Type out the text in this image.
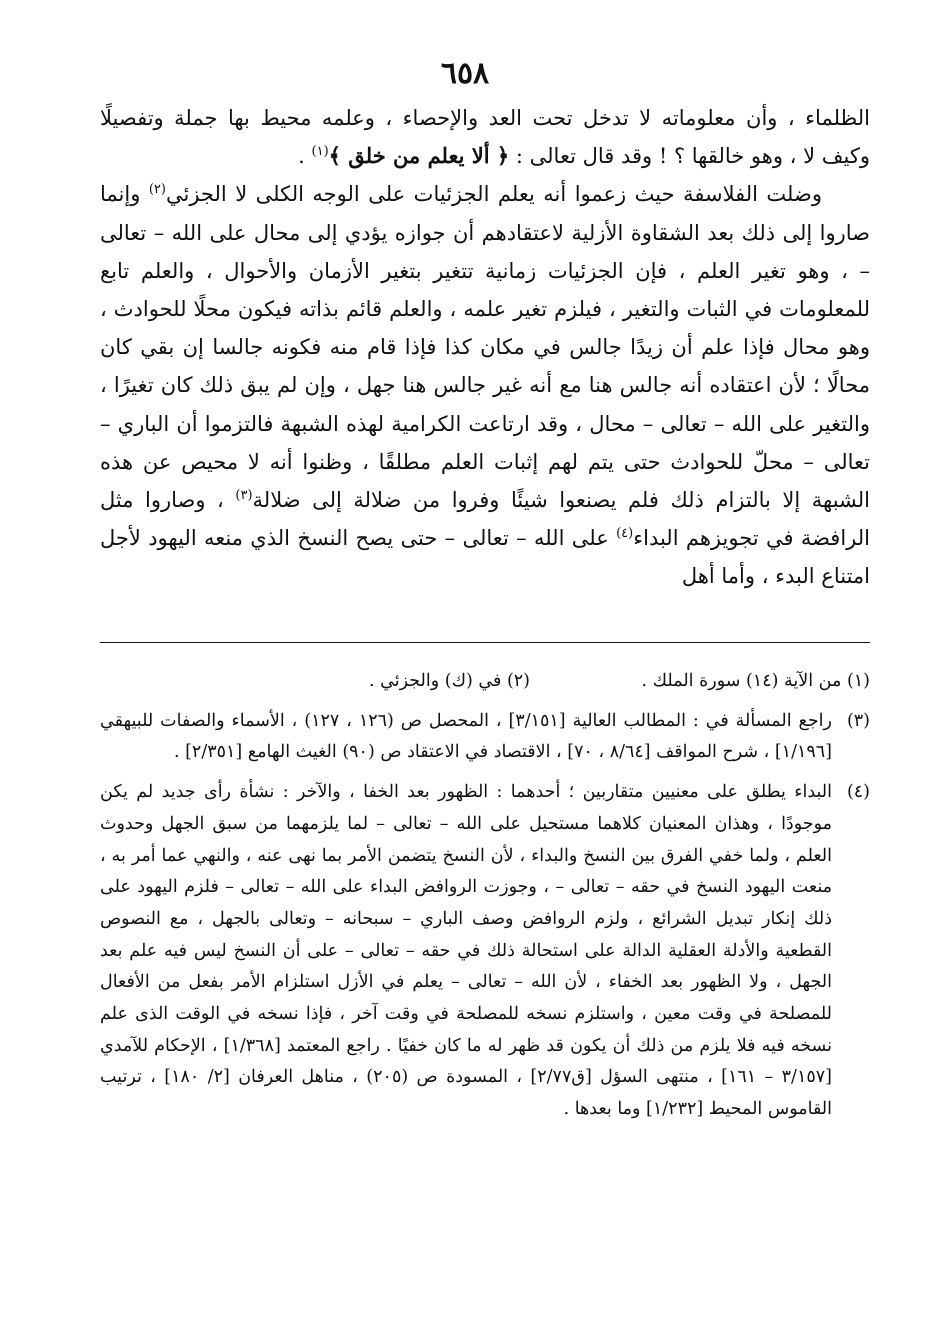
٦٥٨

الظلماء ، وأن معلوماته لا تدخل تحت العد والإحصاء ، وعلمه محيط بها جملة وتفصيلًا وكيف لا ، وهو خالقها ؟ ! وقد قال تعالى : ﴿ ألا يعلم من خلق ﴾$^{(١)}$ .

وضلت الفلاسفة حيث زعموا أنه يعلم الجزئيات على الوجه الكلى لا الجزئي$^{(٢)}$ وإنما صاروا إلى ذلك بعد الشقاوة الأزلية لاعتقادهم أن جوازه يؤدي إلى محال على الله – تعالى – ، وهو تغير العلم ، فإن الجزئيات زمانية تتغير بتغير الأزمان والأحوال ، والعلم تابع للمعلومات في الثبات والتغير ، فيلزم تغير علمه ، والعلم قائم بذاته فيكون محلًا للحوادث ، وهو محال فإذا علم أن زيدًا جالس في مكان كذا فإذا قام منه فكونه جالسا إن بقي كان محالًا ؛ لأن اعتقاده أنه جالس هنا مع أنه غير جالس هنا جهل ، وإن لم يبق ذلك كان تغيرًا ، والتغير على الله – تعالى – محال ، وقد ارتاعت الكرامية لهذه الشبهة فالتزموا أن الباري – تعالى – محلّ للحوادث حتى يتم لهم إثبات العلم مطلقًا ، وظنوا أنه لا محيص عن هذه الشبهة إلا بالتزام ذلك فلم يصنعوا شيئًا وفروا من ضلالة إلى ضلالة$^{(٣)}$ ، وصاروا مثل الرافضة في تجويزهم البداء$^{(٤)}$ على الله – تعالى – حتى يصح النسخ الذي منعه اليهود لأجل امتناع البدء ، وأما أهل

(١) من الآية (١٤) سورة الملك .
(٢) في (ك) والجزئي .
(٣)
راجع المسألة في : المطالب العالية [٣/١٥١] ، المحصل ص (١٢٦ ، ١٢٧) ، الأسماء والصفات للبيهقي [١/١٩٦] ، شرح المواقف [٨/٦٤ ، ٧٠] ، الاقتصاد في الاعتقاد ص (٩٠) الغيث الهامع [٢/٣٥١] .
(٤)
البداء يطلق على معنيين متقاربين ؛ أحدهما : الظهور بعد الخفا ، والآخر : نشأة رأى جديد لم يكن موجودًا ، وهذان المعنيان كلاهما مستحيل على الله – تعالى – لما يلزمهما من سبق الجهل وحدوث العلم ، ولما خفي الفرق بين النسخ والبداء ، لأن النسخ يتضمن الأمر بما نهى عنه ، والنهي عما أمر به ، منعت اليهود النسخ في حقه – تعالى – ، وجوزت الروافض البداء على الله – تعالى – فلزم اليهود على ذلك إنكار تبديل الشرائع ، ولزم الروافض وصف الباري – سبحانه – وتعالى بالجهل ، مع النصوص القطعية والأدلة العقلية الدالة على استحالة ذلك في حقه – تعالى – على أن النسخ ليس فيه علم بعد الجهل ، ولا الظهور بعد الخفاء ، لأن الله – تعالى – يعلم في الأزل استلزام الأمر بفعل من الأفعال للمصلحة في وقت معين ، واستلزم نسخه للمصلحة في وقت آخر ، فإذا نسخه في الوقت الذى علم نسخه فيه فلا يلزم من ذلك أن يكون قد ظهر له ما كان خفيًا . راجع المعتمد [١/٣٦٨] ، الإحكام للآمدي [٣/١٥٧ – ١٦١] ، منتهى السؤل [ق٢/٧٧] ، المسودة ص (٢٠٥) ، مناهل العرفان [٢/ ١٨٠] ، ترتيب القاموس المحيط [١/٢٣٢] وما بعدها .
